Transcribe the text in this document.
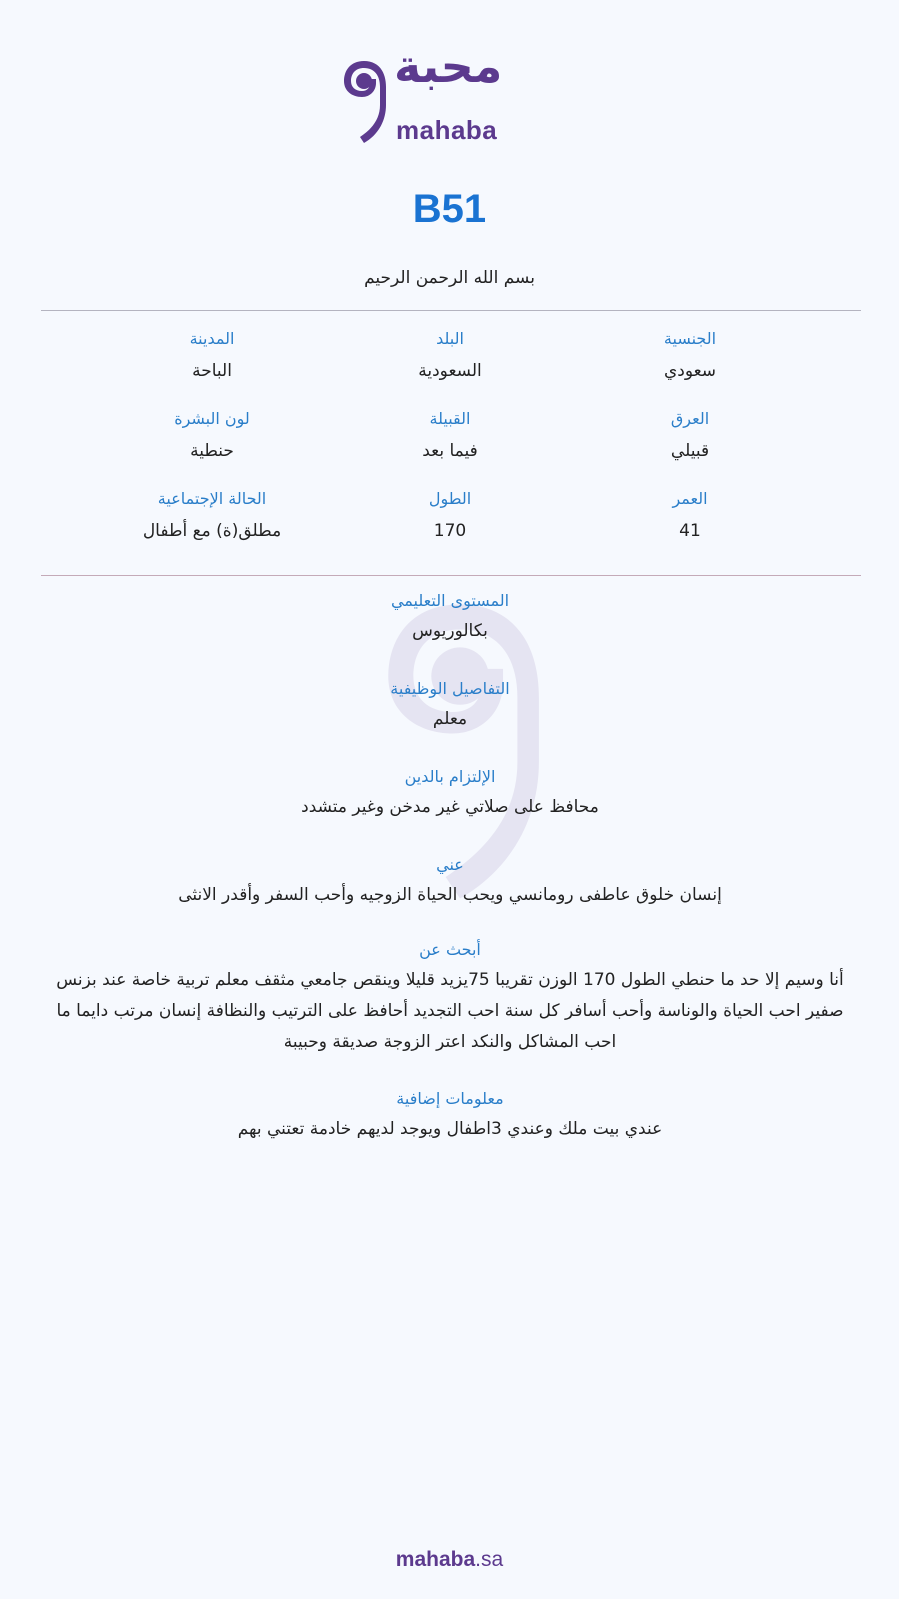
محبة
mahaba
B51
بسم الله الرحمن الرحيم
الجنسية
سعودي
البلد
السعودية
المدينة
الباحة
العرق
قبيلي
القبيلة
فيما بعد
لون البشرة
حنطية
العمر
41
الطول
170
الحالة الإجتماعية
مطلق(ة) مع أطفال
المستوى التعليمي
بكالوريوس
التفاصيل الوظيفية
معلم
الإلتزام بالدين
محافظ على صلاتي غير مدخن وغير متشدد
عني
إنسان خلوق عاطفى رومانسي ويحب الحياة الزوجيه وأحب السفر وأقدر الانثى
أبحث عن
أنا وسيم إلا حد ما حنطي الطول 170 الوزن تقريبا 75يزيد قليلا وينقص جامعي مثقف معلم تربية خاصة عند بزنس صفير احب الحياة والوناسة وأحب أسافر كل سنة احب التجديد أحافظ على الترتيب والنظافة إنسان مرتب دايما ما احب المشاكل والنكد اعتر الزوجة صديقة وحبيبة
معلومات إضافية
عندي بيت ملك وعندي 3اطفال ويوجد لديهم خادمة تعتني بهم
mahaba.sa
